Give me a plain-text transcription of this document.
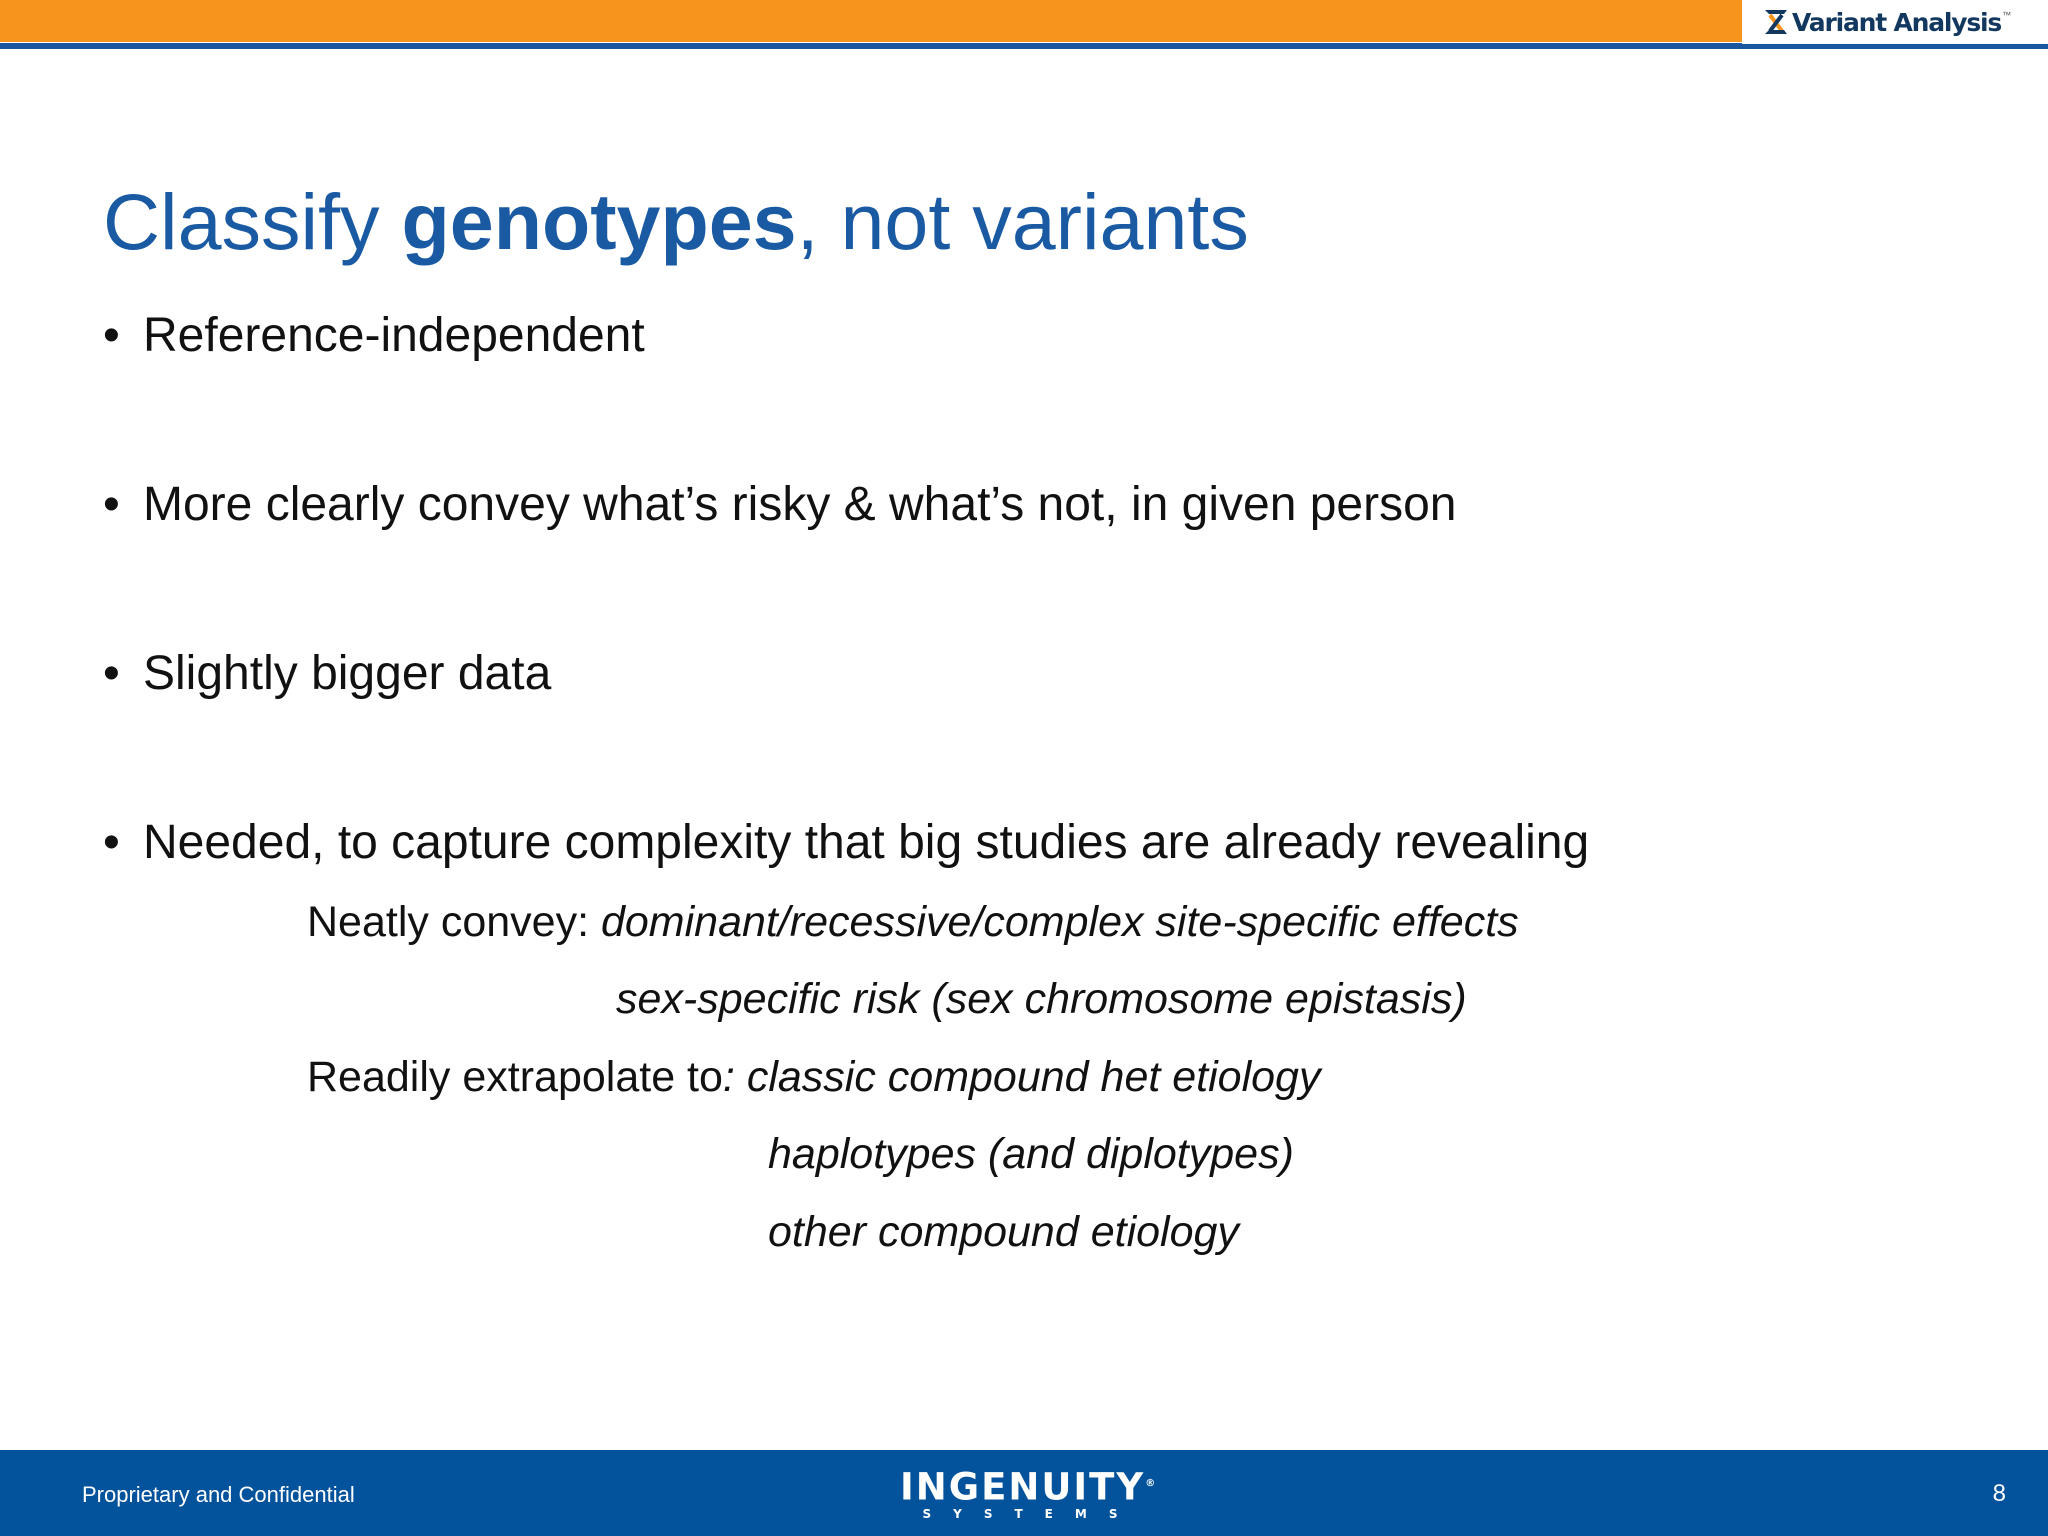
Variant Analysis ™
Classify genotypes, not variants
• Reference-independent
• More clearly convey what’s risky & what’s not, in given person
• Slightly bigger data
• Needed, to capture complexity that big studies are already revealing
Neatly convey: dominant/recessive/complex site-specific effects
sex-specific risk (sex chromosome epistasis)
Readily extrapolate to: classic compound het etiology
haplotypes (and diplotypes)
other compound etiology
Proprietary and Confidential	INGENUITY®
SYSTEMS
8
